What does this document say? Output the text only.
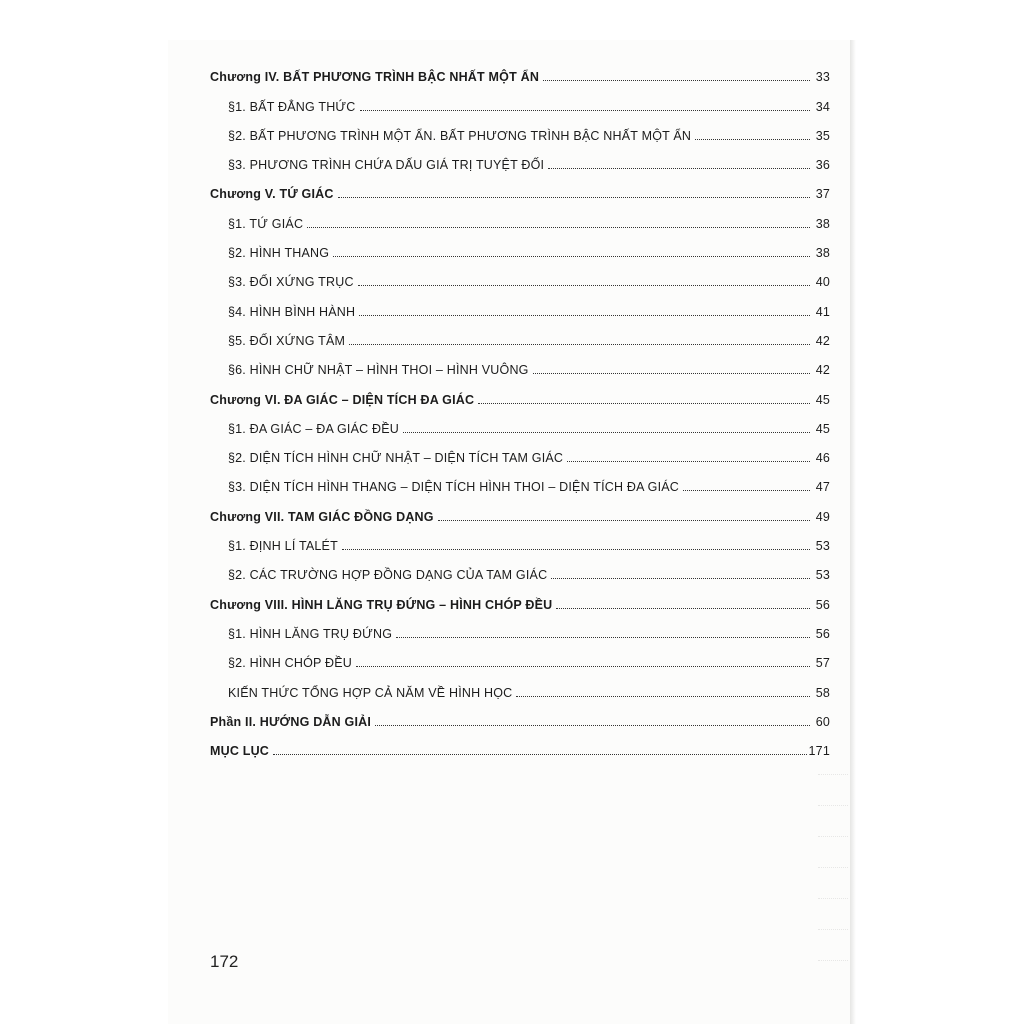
Chương IV. BẤT PHƯƠNG TRÌNH BẬC NHẤT MỘT ẨN	33
§1. BẤT ĐẲNG THỨC	34
§2. BẤT PHƯƠNG TRÌNH MỘT ẨN. BẤT PHƯƠNG TRÌNH BẬC NHẤT MỘT ẨN	35
§3. PHƯƠNG TRÌNH CHỨA DẤU GIÁ TRỊ TUYỆT ĐỐI	36
Chương V. TỨ GIÁC	37
§1. TỨ GIÁC	38
§2. HÌNH THANG	38
§3. ĐỐI XỨNG TRỤC	40
§4. HÌNH BÌNH HÀNH	41
§5. ĐỐI XỨNG TÂM	42
§6. HÌNH CHỮ NHẬT – HÌNH THOI – HÌNH VUÔNG	42
Chương VI. ĐA GIÁC – DIỆN TÍCH ĐA GIÁC	45
§1. ĐA GIÁC – ĐA GIÁC ĐỀU	45
§2. DIỆN TÍCH HÌNH CHỮ NHẬT – DIỆN TÍCH TAM GIÁC	46
§3. DIỆN TÍCH HÌNH THANG – DIỆN TÍCH HÌNH THOI – DIỆN TÍCH ĐA GIÁC	47
Chương VII. TAM GIÁC ĐỒNG DẠNG	49
§1. ĐỊNH LÍ TALÉT	53
§2. CÁC TRƯỜNG HỢP ĐỒNG DẠNG CỦA TAM GIÁC	53
Chương VIII. HÌNH LĂNG TRỤ ĐỨNG – HÌNH CHÓP ĐỀU	56
§1. HÌNH LĂNG TRỤ ĐỨNG	56
§2. HÌNH CHÓP ĐỀU	57
KIẾN THỨC TỔNG HỢP CẢ NĂM VỀ HÌNH HỌC	58
Phần II. HƯỚNG DẪN GIẢI	60
MỤC LỤC	171
172
